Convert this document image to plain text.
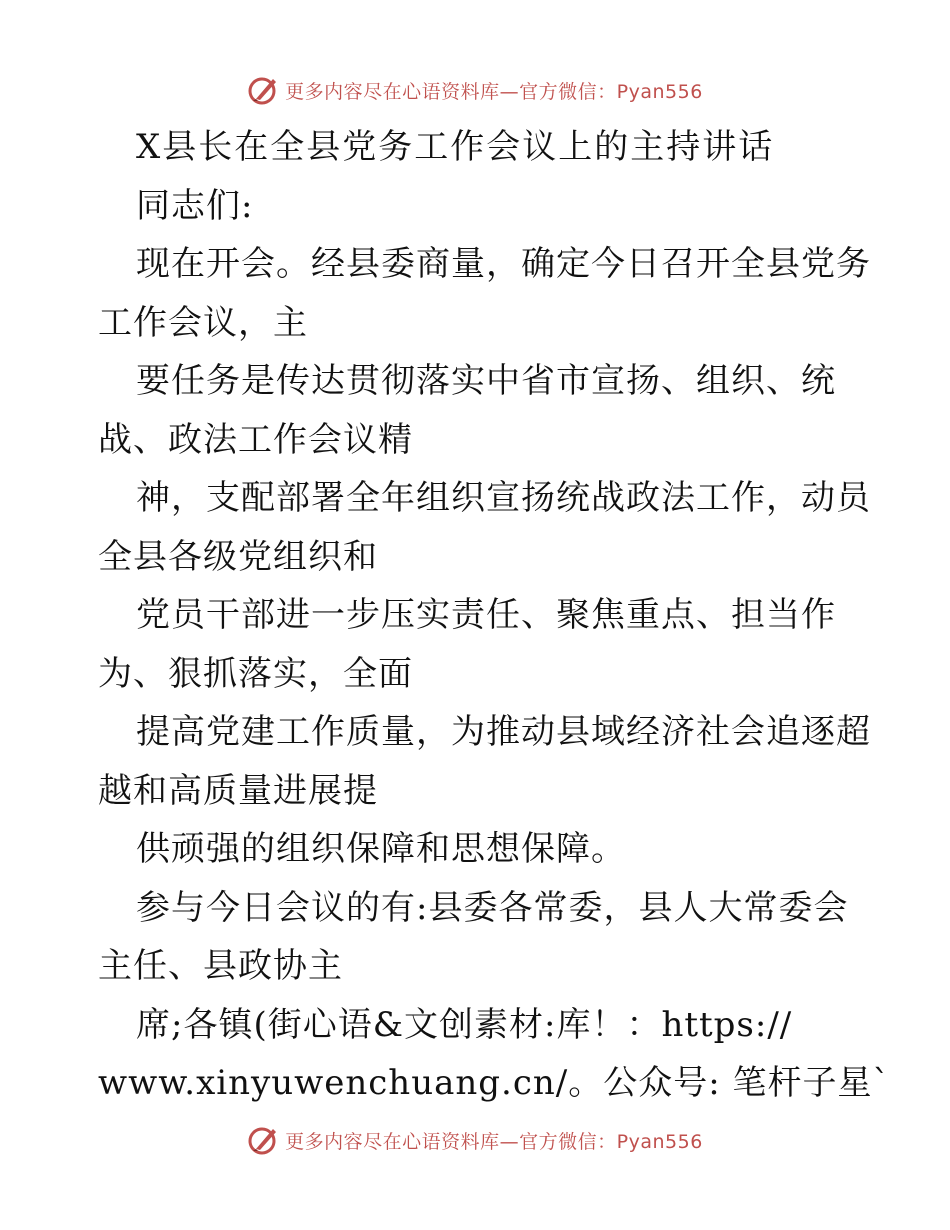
更多内容尽在心语资料库—官方微信：Pyan556
X县长在全县党务工作会议上的主持讲话
同志们:
现在开会。经县委商量，确定今日召开全县党务
工作会议，主
要任务是传达贯彻落实中省市宣扬、组织、统
战、政法工作会议精
神，支配部署全年组织宣扬统战政法工作，动员
全县各级党组织和
党员干部进一步压实责任、聚焦重点、担当作
为、狠抓落实，全面
提高党建工作质量，为推动县域经济社会追逐超
越和高质量进展提
供顽强的组织保障和思想保障。
参与今日会议的有:县委各常委，县人大常委会
主任、县政协主
席;各镇(街心语&文创素材:库！：https://
www.xinyuwenchuang.cn/。公众号: 笔杆子星`
更多内容尽在心语资料库—官方微信：Pyan556
